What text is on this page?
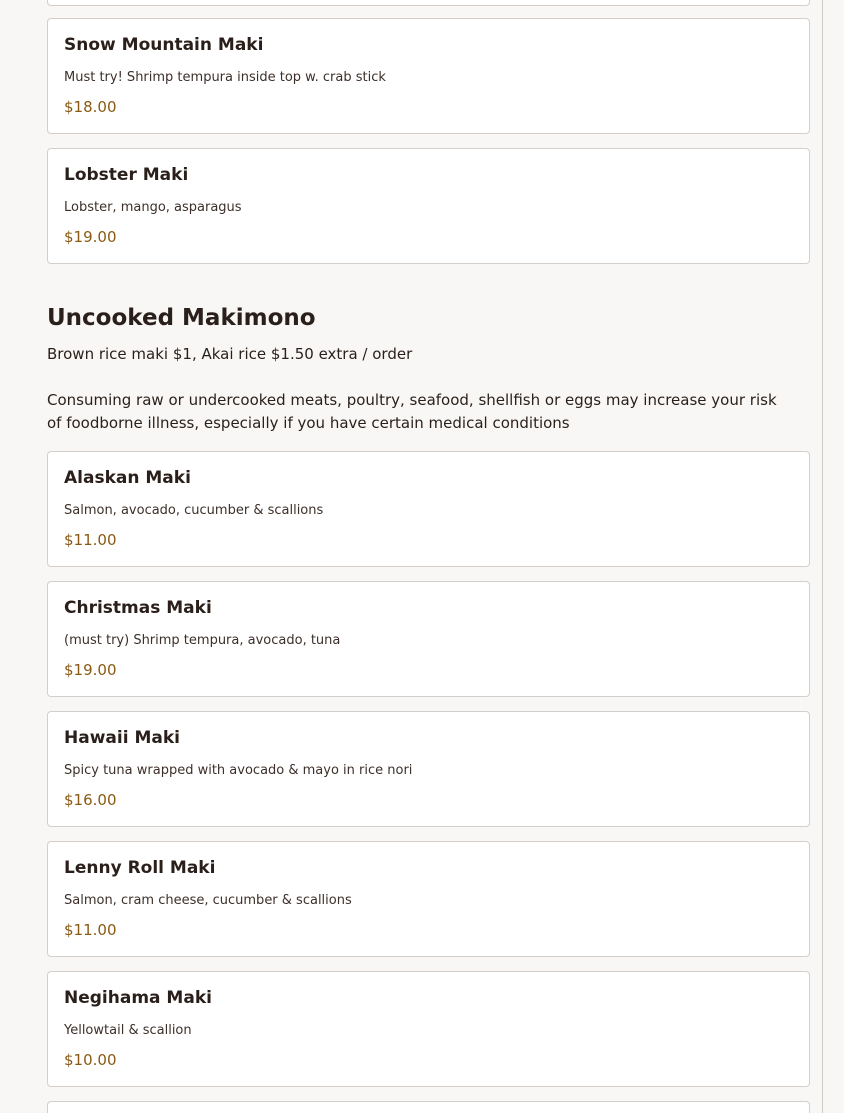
Snow Mountain Maki
Must try! Shrimp tempura inside top w. crab stick
$18.00
Lobster Maki
Lobster, mango, asparagus
$19.00
Uncooked Makimono
Brown rice maki $1, Akai rice $1.50 extra / order
Consuming raw or undercooked meats, poultry, seafood, shellfish or eggs may increase your risk of foodborne illness, especially if you have certain medical conditions
Alaskan Maki
Salmon, avocado, cucumber & scallions
$11.00
Christmas Maki
(must try) Shrimp tempura, avocado, tuna
$19.00
Hawaii Maki
Spicy tuna wrapped with avocado & mayo in rice nori
$16.00
Lenny Roll Maki
Salmon, cram cheese, cucumber & scallions
$11.00
Negihama Maki
Yellowtail & scallion
$10.00
